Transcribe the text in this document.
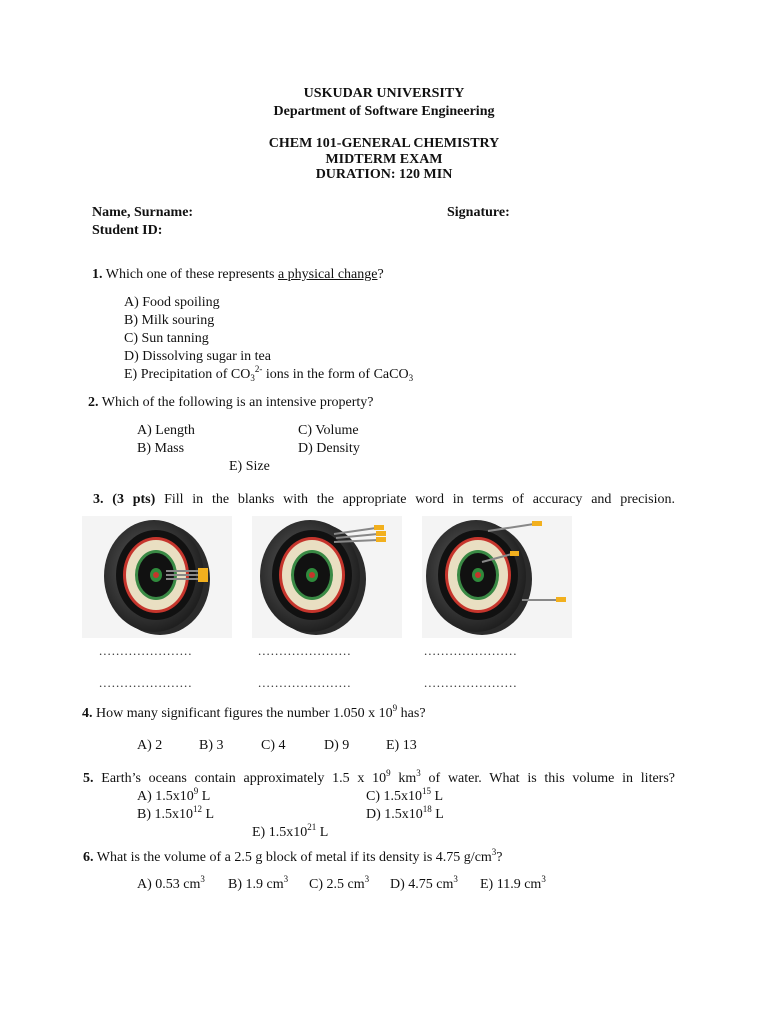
USKUDAR UNIVERSITY
Department of Software Engineering
CHEM 101-GENERAL CHEMISTRY
MIDTERM EXAM
DURATION: 120 MIN
Name, Surname:	Signature:
Student ID:
1. Which one of these represents a physical change?
A) Food spoiling
B) Milk souring
C) Sun tanning
D) Dissolving sugar in tea
E) Precipitation of $CO_3^{2-}$ ions in the form of CaCO$_3$
2. Which of the following is an intensive property?
A) Length	C) Volume
B) Mass	D) Density
E) Size
3. (3 pts) Fill in the blanks with the appropriate word in terms of accuracy and precision.
......................	......................	......................
......................	......................	......................
4. How many significant figures the number 1.050 x $10^9$ has?
A) 2	B) 3	C) 4	D) 9	E) 13
5. Earth’s oceans contain approximately 1.5 x $10^9$ $km^3$ of water. What is this volume in liters?
A) $1.5x10^9$ L	C) $1.5x10^{15}$ L
B) $1.5x10^{12}$ L	D) $1.5x10^{18}$ L
E) $1.5x10^{21}$ L
6. What is the volume of a 2.5 g block of metal if its density is 4.75 $g/cm^3$?
A) 0.53 $cm^3$ B) 1.9 $cm^3$ C) 2.5 $cm^3$ D) 4.75 $cm^3$ E) 11.9 $cm^3$
